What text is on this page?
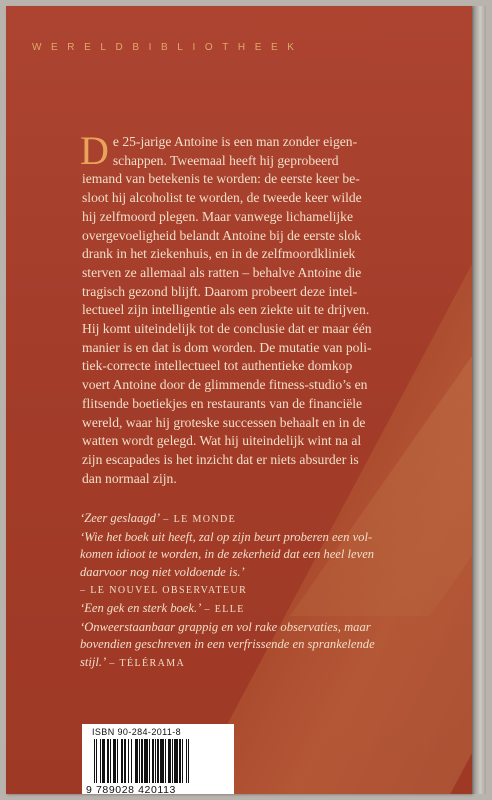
WERELDBIBLIOTHEEK
D e 25-jarige Antoine is een man zonder eigen-
schappen. Tweemaal heeft hij geprobeerd
iemand van betekenis te worden: de eerste keer be-
sloot hij alcoholist te worden, de tweede keer wilde
hij zelfmoord plegen. Maar vanwege lichamelijke
overgevoeligheid belandt Antoine bij de eerste slok
drank in het ziekenhuis, en in de zelfmoordkliniek
sterven ze allemaal als ratten – behalve Antoine die
tragisch gezond blijft. Daarom probeert deze intel-
lectueel zijn intelligentie als een ziekte uit te drijven.
Hij komt uiteindelijk tot de conclusie dat er maar één
manier is en dat is dom worden. De mutatie van poli-
tiek-correcte intellectueel tot authentieke domkop
voert Antoine door de glimmende fitness-studio’s en
flitsende boetiekjes en restaurants van de financiële
wereld, waar hij groteske successen behaalt en in de
watten wordt gelegd. Wat hij uiteindelijk wint na al
zijn escapades is het inzicht dat er niets absurder is
dan normaal zijn.

‘Zeer geslaagd’ – LE MONDE

‘Wie het boek uit heeft, zal op zijn beurt proberen een vol-
komen idioot te worden, in de zekerheid dat een heel leven
daarvoor nog niet voldoende is.’
– LE NOUVEL OBSERVATEUR

‘Een gek en sterk boek.’ – ELLE

‘Onweerstaanbaar grappig en vol rake observaties, maar
bovendien geschreven in een verfrissende en sprankelende
stijl.’ – TÉLÉRAMA

ISBN 90-284-2011-8
9 789028 420113
